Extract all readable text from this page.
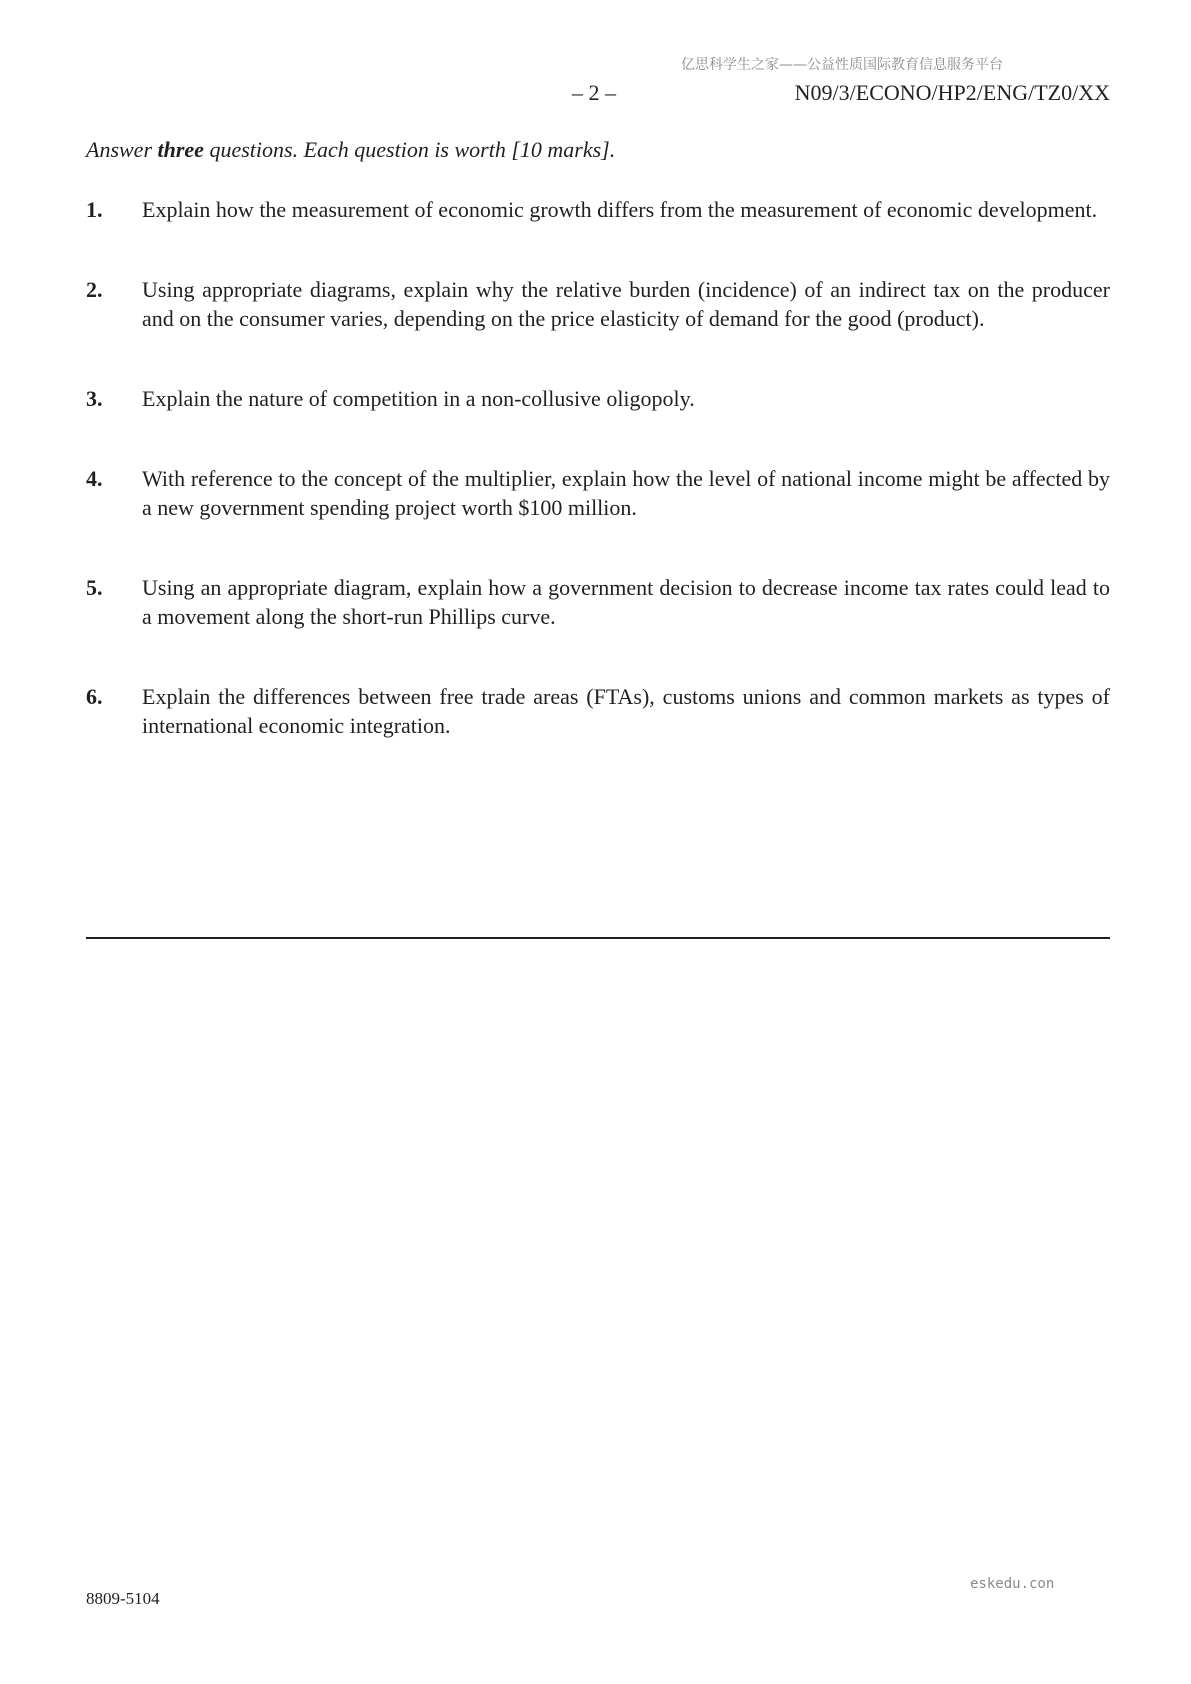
亿思科学生之家——公益性质国际教育信息服务平台
– 2 –	N09/3/ECONO/HP2/ENG/TZ0/XX
Answer three questions. Each question is worth [10 marks].
1.	Explain how the measurement of economic growth differs from the measurement of economic development.
2.	Using appropriate diagrams, explain why the relative burden (incidence) of an indirect tax on the producer and on the consumer varies, depending on the price elasticity of demand for the good (product).
3.	Explain the nature of competition in a non-collusive oligopoly.
4.	With reference to the concept of the multiplier, explain how the level of national income might be affected by a new government spending project worth $100 million.
5.	Using an appropriate diagram, explain how a government decision to decrease income tax rates could lead to a movement along the short-run Phillips curve.
6.	Explain the differences between free trade areas (FTAs), customs unions and common markets as types of international economic integration.
eskedu.con
8809-5104
